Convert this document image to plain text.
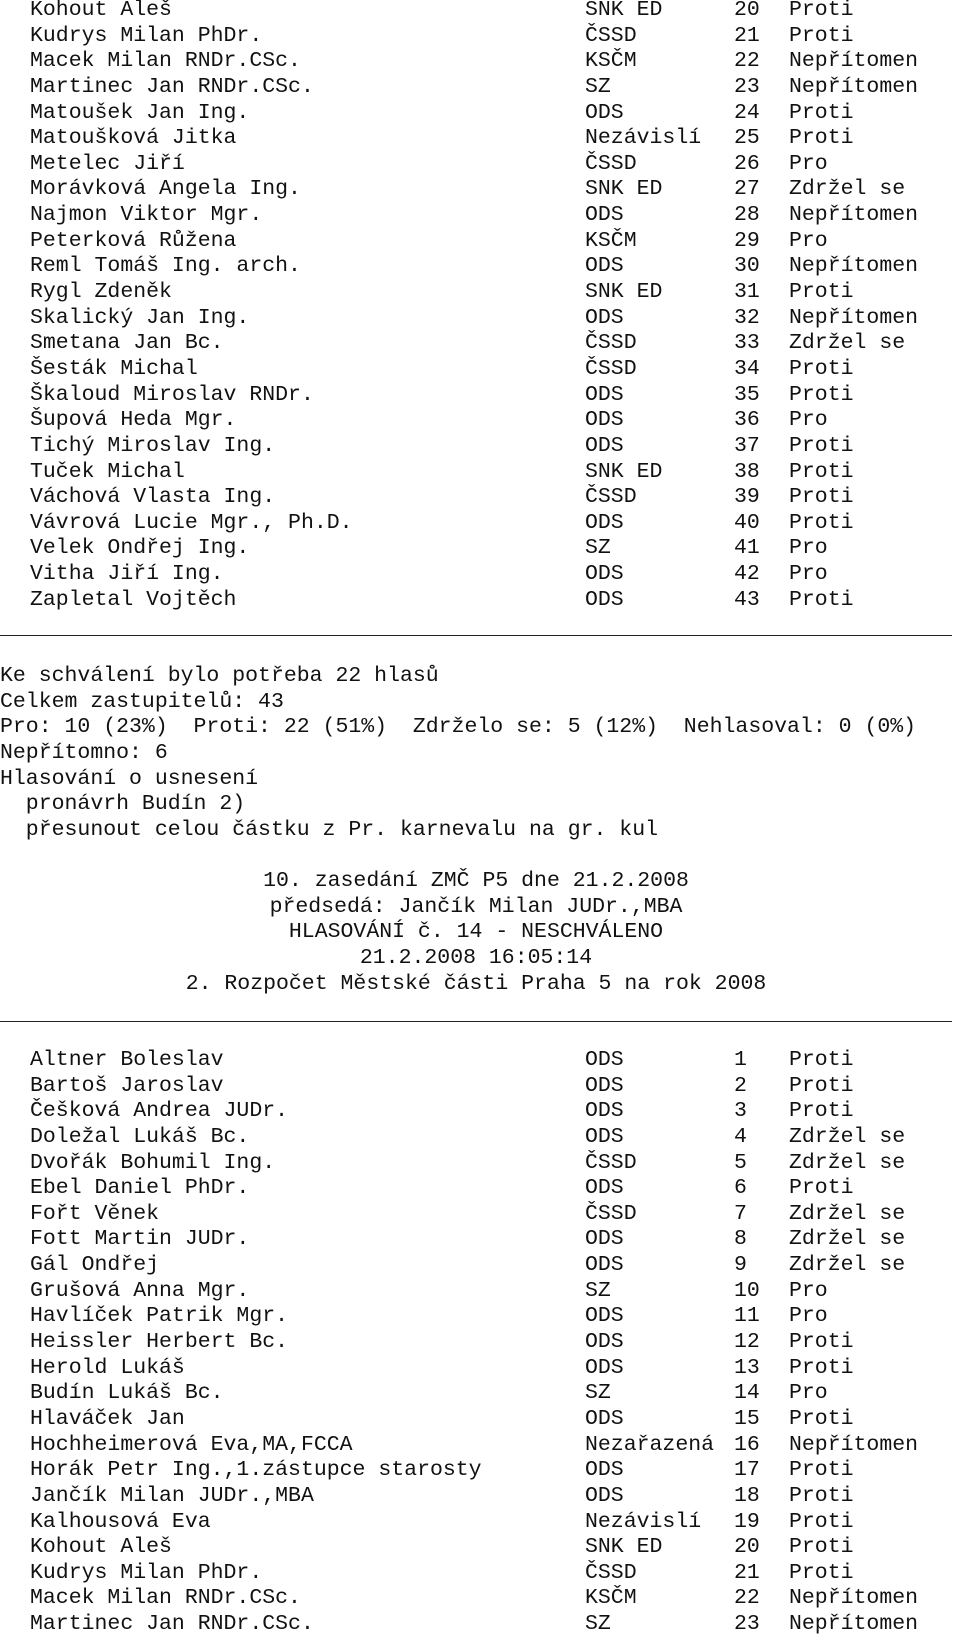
Kohout Aleš	SNK ED	20 Proti
Kudrys Milan PhDr.	ČSSD	21 Proti
Macek Milan RNDr.CSc.	KSČM	22 Nepřítomen
Martinec Jan RNDr.CSc.	SZ	23 Nepřítomen
Matoušek Jan Ing.	ODS	24 Proti
Matoušková Jitka	Nezávislí 25 Proti
Metelec Jiří	ČSSD	26 Pro
Morávková Angela Ing.	SNK ED	27 Zdržel se
Najmon Viktor Mgr.	ODS	28 Nepřítomen
Peterková Růžena	KSČM	29 Pro
Reml Tomáš Ing. arch.	ODS	30 Nepřítomen
Rygl Zdeněk	SNK ED	31 Proti
Skalický Jan Ing.	ODS	32 Nepřítomen
Smetana Jan Bc.	ČSSD	33 Zdržel se
Šesták Michal	ČSSD	34 Proti
Škaloud Miroslav RNDr.	ODS	35 Proti
Šupová Heda Mgr.	ODS	36 Pro
Tichý Miroslav Ing.	ODS	37 Proti
Tuček Michal	SNK ED	38 Proti
Váchová Vlasta Ing.	ČSSD	39 Proti
Vávrová Lucie Mgr., Ph.D.	ODS	40 Proti
Velek Ondřej Ing.	SZ	41 Pro
Vitha Jiří Ing.	ODS	42 Pro
Zapletal Vojtěch	ODS	43 Proti
Ke schválení bylo potřeba 22 hlasů
Celkem zastupitelů: 43
Pro: 10 (23%)  Proti: 22 (51%)  Zdrželo se: 5 (12%)  Nehlasoval: 0 (0%)
Nepřítomno: 6
Hlasování o usnesení
pronávrh Budín 2)
přesunout celou částku z Pr. karnevalu na gr. kul
10. zasedání ZMČ P5 dne 21.2.2008
předsedá: Jančík Milan JUDr.,MBA
HLASOVÁNÍ č. 14 - NESCHVÁLENO
21.2.2008 16:05:14
2. Rozpočet Městské části Praha 5 na rok 2008
Altner Boleslav	ODS	1 Proti
Bartoš Jaroslav	ODS	2 Proti
Češková Andrea JUDr.	ODS	3 Proti
Doležal Lukáš Bc.	ODS	4 Zdržel se
Dvořák Bohumil Ing.	ČSSD	5 Zdržel se
Ebel Daniel PhDr.	ODS	6 Proti
Fořt Věnek	ČSSD	7 Zdržel se
Fott Martin JUDr.	ODS	8 Zdržel se
Gál Ondřej	ODS	9 Zdržel se
Grušová Anna Mgr.	SZ	10 Pro
Havlíček Patrik Mgr.	ODS	11 Pro
Heissler Herbert Bc.	ODS	12 Proti
Herold Lukáš	ODS	13 Proti
Budín Lukáš Bc.	SZ	14 Pro
Hlaváček Jan	ODS	15 Proti
Hochheimerová Eva,MA,FCCA	Nezařazená 16 Nepřítomen
Horák Petr Ing.,1.zástupce starosty	ODS	17 Proti
Jančík Milan JUDr.,MBA	ODS	18 Proti
Kalhousová Eva	Nezávislí 19 Proti
Kohout Aleš	SNK ED	20 Proti
Kudrys Milan PhDr.	ČSSD	21 Proti
Macek Milan RNDr.CSc.	KSČM	22 Nepřítomen
Martinec Jan RNDr.CSc.	SZ	23 Nepřítomen
